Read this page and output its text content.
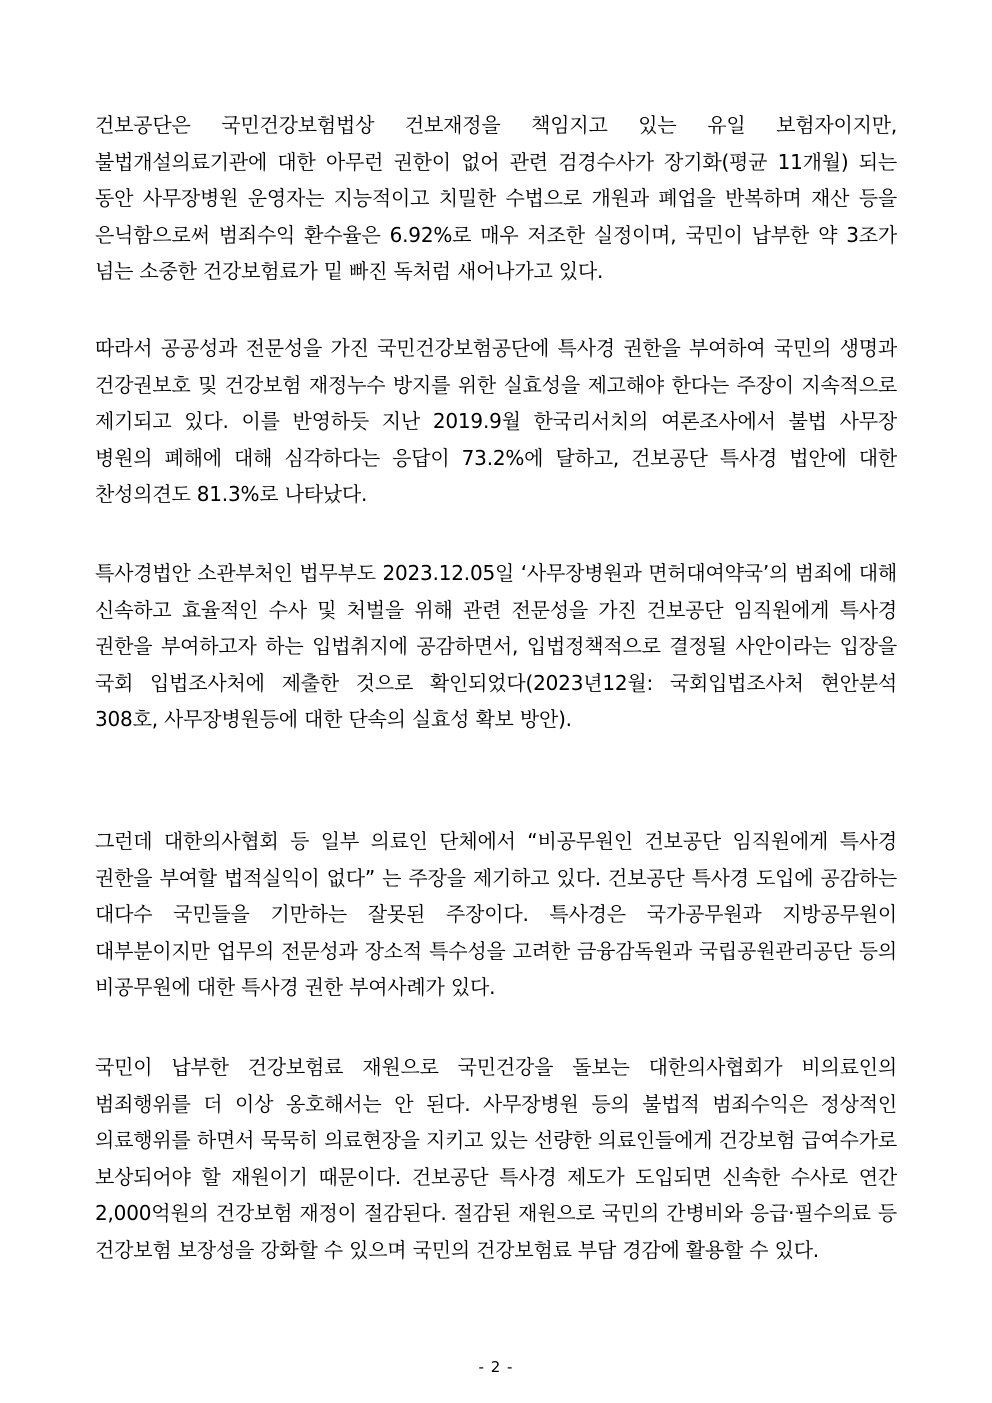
건보공단은 국민건강보험법상 건보재정을 책임지고 있는 유일 보험자이지만, 불법개설의료기관에 대한 아무런 권한이 없어 관련 검경수사가 장기화(평균 11개월) 되는 동안 사무장병원 운영자는 지능적이고 치밀한 수법으로 개원과 폐업을 반복하며 재산 등을 은닉함으로써 범죄수익 환수율은 6.92%로 매우 저조한 실정이며, 국민이 납부한 약 3조가 넘는 소중한 건강보험료가 밑 빠진 독처럼 새어나가고 있다.

따라서 공공성과 전문성을 가진 국민건강보험공단에 특사경 권한을 부여하여 국민의 생명과 건강권보호 및 건강보험 재정누수 방지를 위한 실효성을 제고해야 한다는 주장이 지속적으로 제기되고 있다. 이를 반영하듯 지난 2019.9월 한국리서치의 여론조사에서 불법 사무장 병원의 폐해에 대해 심각하다는 응답이 73.2%에 달하고, 건보공단 특사경 법안에 대한 찬성의견도 81.3%로 나타났다.

특사경법안 소관부처인 법무부도 2023.12.05일 ‘사무장병원과 면허대여약국’의 범죄에 대해 신속하고 효율적인 수사 및 처벌을 위해 관련 전문성을 가진 건보공단 임직원에게 특사경 권한을 부여하고자 하는 입법취지에 공감하면서, 입법정책적으로 결정될 사안이라는 입장을 국회 입법조사처에 제출한 것으로 확인되었다(2023년12월: 국회입법조사처 현안분석 308호, 사무장병원등에 대한 단속의 실효성 확보 방안).

그런데 대한의사협회 등 일부 의료인 단체에서 “비공무원인 건보공단 임직원에게 특사경 권한을 부여할 법적실익이 없다” 는 주장을 제기하고 있다. 건보공단 특사경 도입에 공감하는 대다수 국민들을 기만하는 잘못된 주장이다. 특사경은 국가공무원과 지방공무원이 대부분이지만 업무의 전문성과 장소적 특수성을 고려한 금융감독원과 국립공원관리공단 등의 비공무원에 대한 특사경 권한 부여사례가 있다.

국민이 납부한 건강보험료 재원으로 국민건강을 돌보는 대한의사협회가 비의료인의 범죄행위를 더 이상 옹호해서는 안 된다. 사무장병원 등의 불법적 범죄수익은 정상적인 의료행위를 하면서 묵묵히 의료현장을 지키고 있는 선량한 의료인들에게 건강보험 급여수가로 보상되어야 할 재원이기 때문이다. 건보공단 특사경 제도가 도입되면 신속한 수사로 연간 2,000억원의 건강보험 재정이 절감된다. 절감된 재원으로 국민의 간병비와 응급·필수의료 등 건강보험 보장성을 강화할 수 있으며 국민의 건강보험료 부담 경감에 활용할 수 있다.

- 2 -
